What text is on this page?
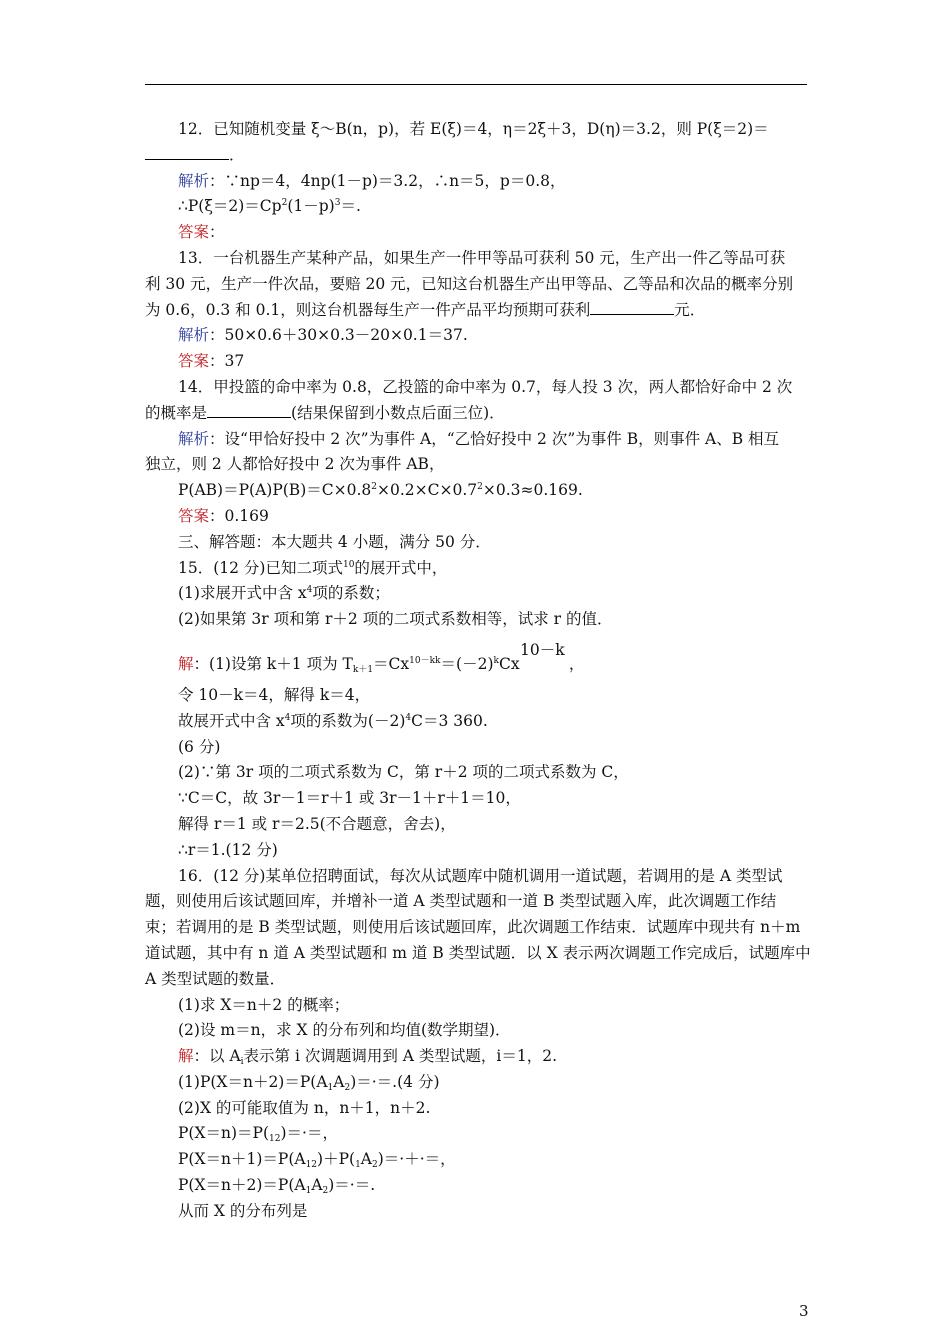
12．已知随机变量 ξ～B(n，p)，若 E(ξ)＝4，η＝2ξ＋3，D(η)＝3.2，则 P(ξ＝2)＝
．
解析：∵np＝4，4np(1－p)＝3.2，∴n＝5，p＝0.8，
$\therefore P(\xi=2)=Cp^2(1-p)^3=$.
答案：
13．一台机器生产某种产品，如果生产一件甲等品可获利 50 元，生产出一件乙等品可获
利 30 元，生产一件次品，要赔 20 元，已知这台机器生产出甲等品、乙等品和次品的概率分别
为 0.6，0.3 和 0.1，则这台机器每生产一件产品平均预期可获利	元．
解析：50×0.6＋30×0.3－20×0.1＝37.
答案：37
14．甲投篮的命中率为 0.8，乙投篮的命中率为 0.7，每人投 3 次，两人都恰好命中 2 次
的概率是	(结果保留到小数点后面三位)．
解析：设“甲恰好投中 2 次”为事件 A，“乙恰好投中 2 次”为事件 B，则事件 A、B 相互
独立，则 2 人都恰好投中 2 次为事件 AB，
$P(AB)=P(A)P(B)=C\times 0.8^2\times 0.2\times C\times 0.7^2\times 0.3\approx 0.169$.
答案：0.169
三、解答题：本大题共 4 小题，满分 50 分．
15．(12 分)已知二项式$^{10}$的展开式中，
(1)求展开式中含 $x^4$项的系数；
(2)如果第 3r 项和第 r＋2 项的二项式系数相等，试求 r 的值．
解：(1)设第 k＋1 项为 $T_{k+1}=Cx^{10-kk}=(-2)^kCx$          ，
10－k
令 10－k＝4，解得 k＝4，
故展开式中含 $x^4$项的系数为$(-2)^4C=3$ 360.
(6 分)
(2)∵第 3r 项的二项式系数为 C，第 r＋2 项的二项式系数为 C，
∵C＝C，故 3r－1＝r＋1 或 3r－1＋r＋1＝10，
解得 r＝1 或 r＝2.5(不合题意，舍去)，
∴r＝1.(12 分)
16．(12 分)某单位招聘面试，每次从试题库中随机调用一道试题，若调用的是 A 类型试
题，则使用后该试题回库，并增补一道 A 类型试题和一道 B 类型试题入库，此次调题工作结
束；若调用的是 B 类型试题，则使用后该试题回库，此次调题工作结束．试题库中现共有 n＋m
道试题，其中有 n 道 A 类型试题和 m 道 B 类型试题．以 X 表示两次调题工作完成后，试题库中
A 类型试题的数量．
(1)求 X＝n＋2 的概率；
(2)设 m＝n，求 X 的分布列和均值(数学期望)．
解：以 $A_i$表示第 i 次调题调用到 A 类型试题，i＝1，2.
$(1)P(X=n+2)=P(A_1A_2)=\cdot=.(4$ 分)
(2)X 的可能取值为 n，n＋1，n＋2.
$P(X=n)=P(_{12})=\cdot=$，
$P(X=n+1)=P(A_{12})+P(_1A_2)=\cdot+\cdot=$，
$P(X=n+2)=P(A_1A_2)=\cdot=$.
从而 X 的分布列是
3
